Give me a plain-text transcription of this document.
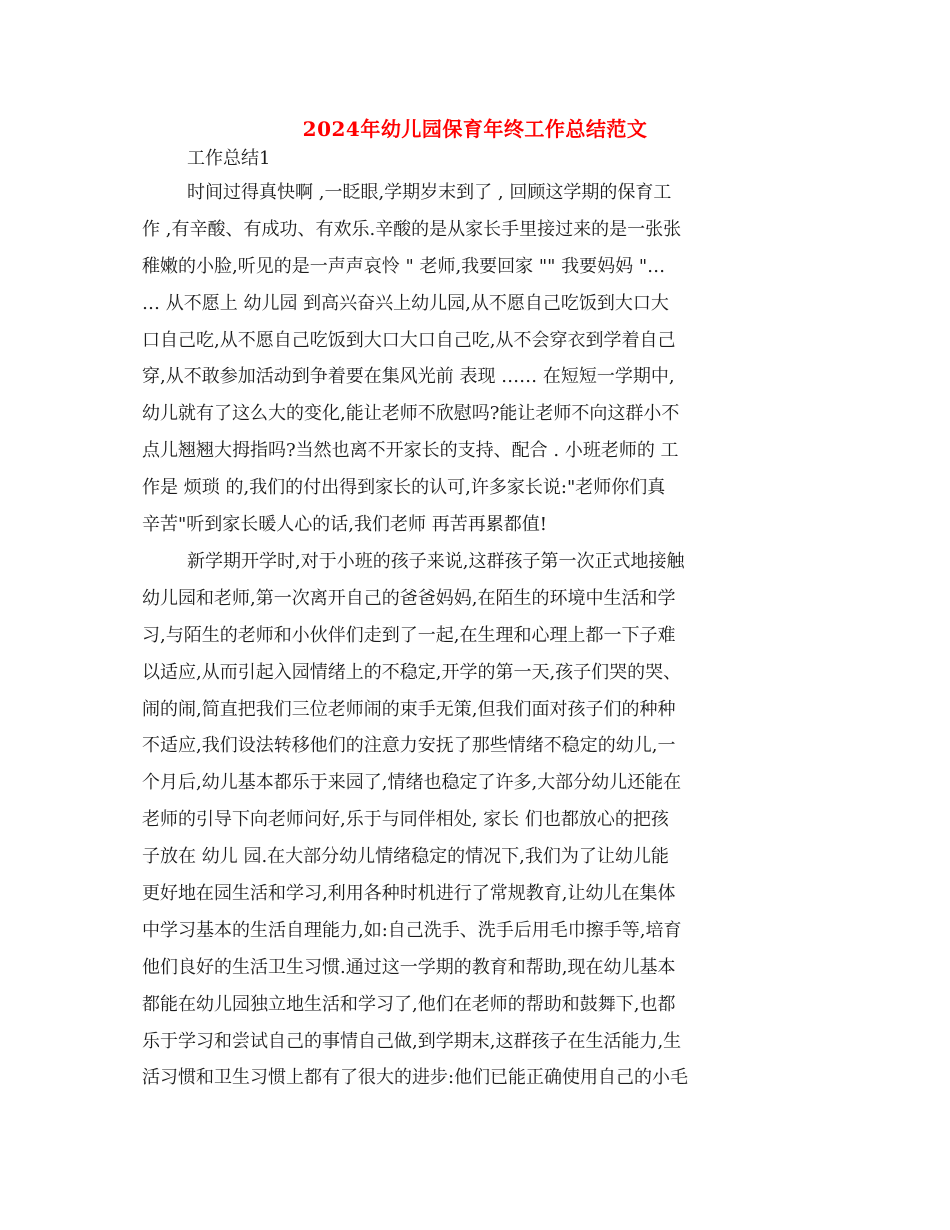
2024年幼儿园保育年终工作总结范文
工作总结1
时间过得真快啊 ,一眨眼,学期岁末到了 , 回顾这学期的保育工
作 ,有辛酸、有成功、有欢乐.辛酸的是从家长手里接过来的是一张张
稚嫩的小脸,听见的是一声声哀怜 " 老师,我要回家 "" 我要妈妈 "…
… 从不愿上 幼儿园 到高兴奋兴上幼儿园,从不愿自己吃饭到大口大
口自己吃,从不愿自己吃饭到大口大口自己吃,从不会穿衣到学着自己
穿,从不敢参加活动到争着要在集风光前 表现 …… 在短短一学期中,
幼儿就有了这么大的变化,能让老师不欣慰吗?能让老师不向这群小不
点儿翘翘大拇指吗?当然也离不开家长的支持、配合 . 小班老师的 工
作是 烦琐 的,我们的付出得到家长的认可,许多家长说:"老师你们真
辛苦"听到家长暖人心的话,我们老师 再苦再累都值!
新学期开学时,对于小班的孩子来说,这群孩子第一次正式地接触
幼儿园和老师,第一次离开自己的爸爸妈妈,在陌生的环境中生活和学
习,与陌生的老师和小伙伴们走到了一起,在生理和心理上都一下子难
以适应,从而引起入园情绪上的不稳定,开学的第一天,孩子们哭的哭、
闹的闹,简直把我们三位老师闹的束手无策,但我们面对孩子们的种种
不适应,我们设法转移他们的注意力安抚了那些情绪不稳定的幼儿,一
个月后,幼儿基本都乐于来园了,情绪也稳定了许多,大部分幼儿还能在
老师的引导下向老师问好,乐于与同伴相处, 家长 们也都放心的把孩
子放在 幼儿 园.在大部分幼儿情绪稳定的情况下,我们为了让幼儿能
更好地在园生活和学习,利用各种时机进行了常规教育,让幼儿在集体
中学习基本的生活自理能力,如:自己洗手、洗手后用毛巾擦手等,培育
他们良好的生活卫生习惯.通过这一学期的教育和帮助,现在幼儿基本
都能在幼儿园独立地生活和学习了,他们在老师的帮助和鼓舞下,也都
乐于学习和尝试自己的事情自己做,到学期末,这群孩子在生活能力,生
活习惯和卫生习惯上都有了很大的进步:他们已能正确使用自己的小毛
